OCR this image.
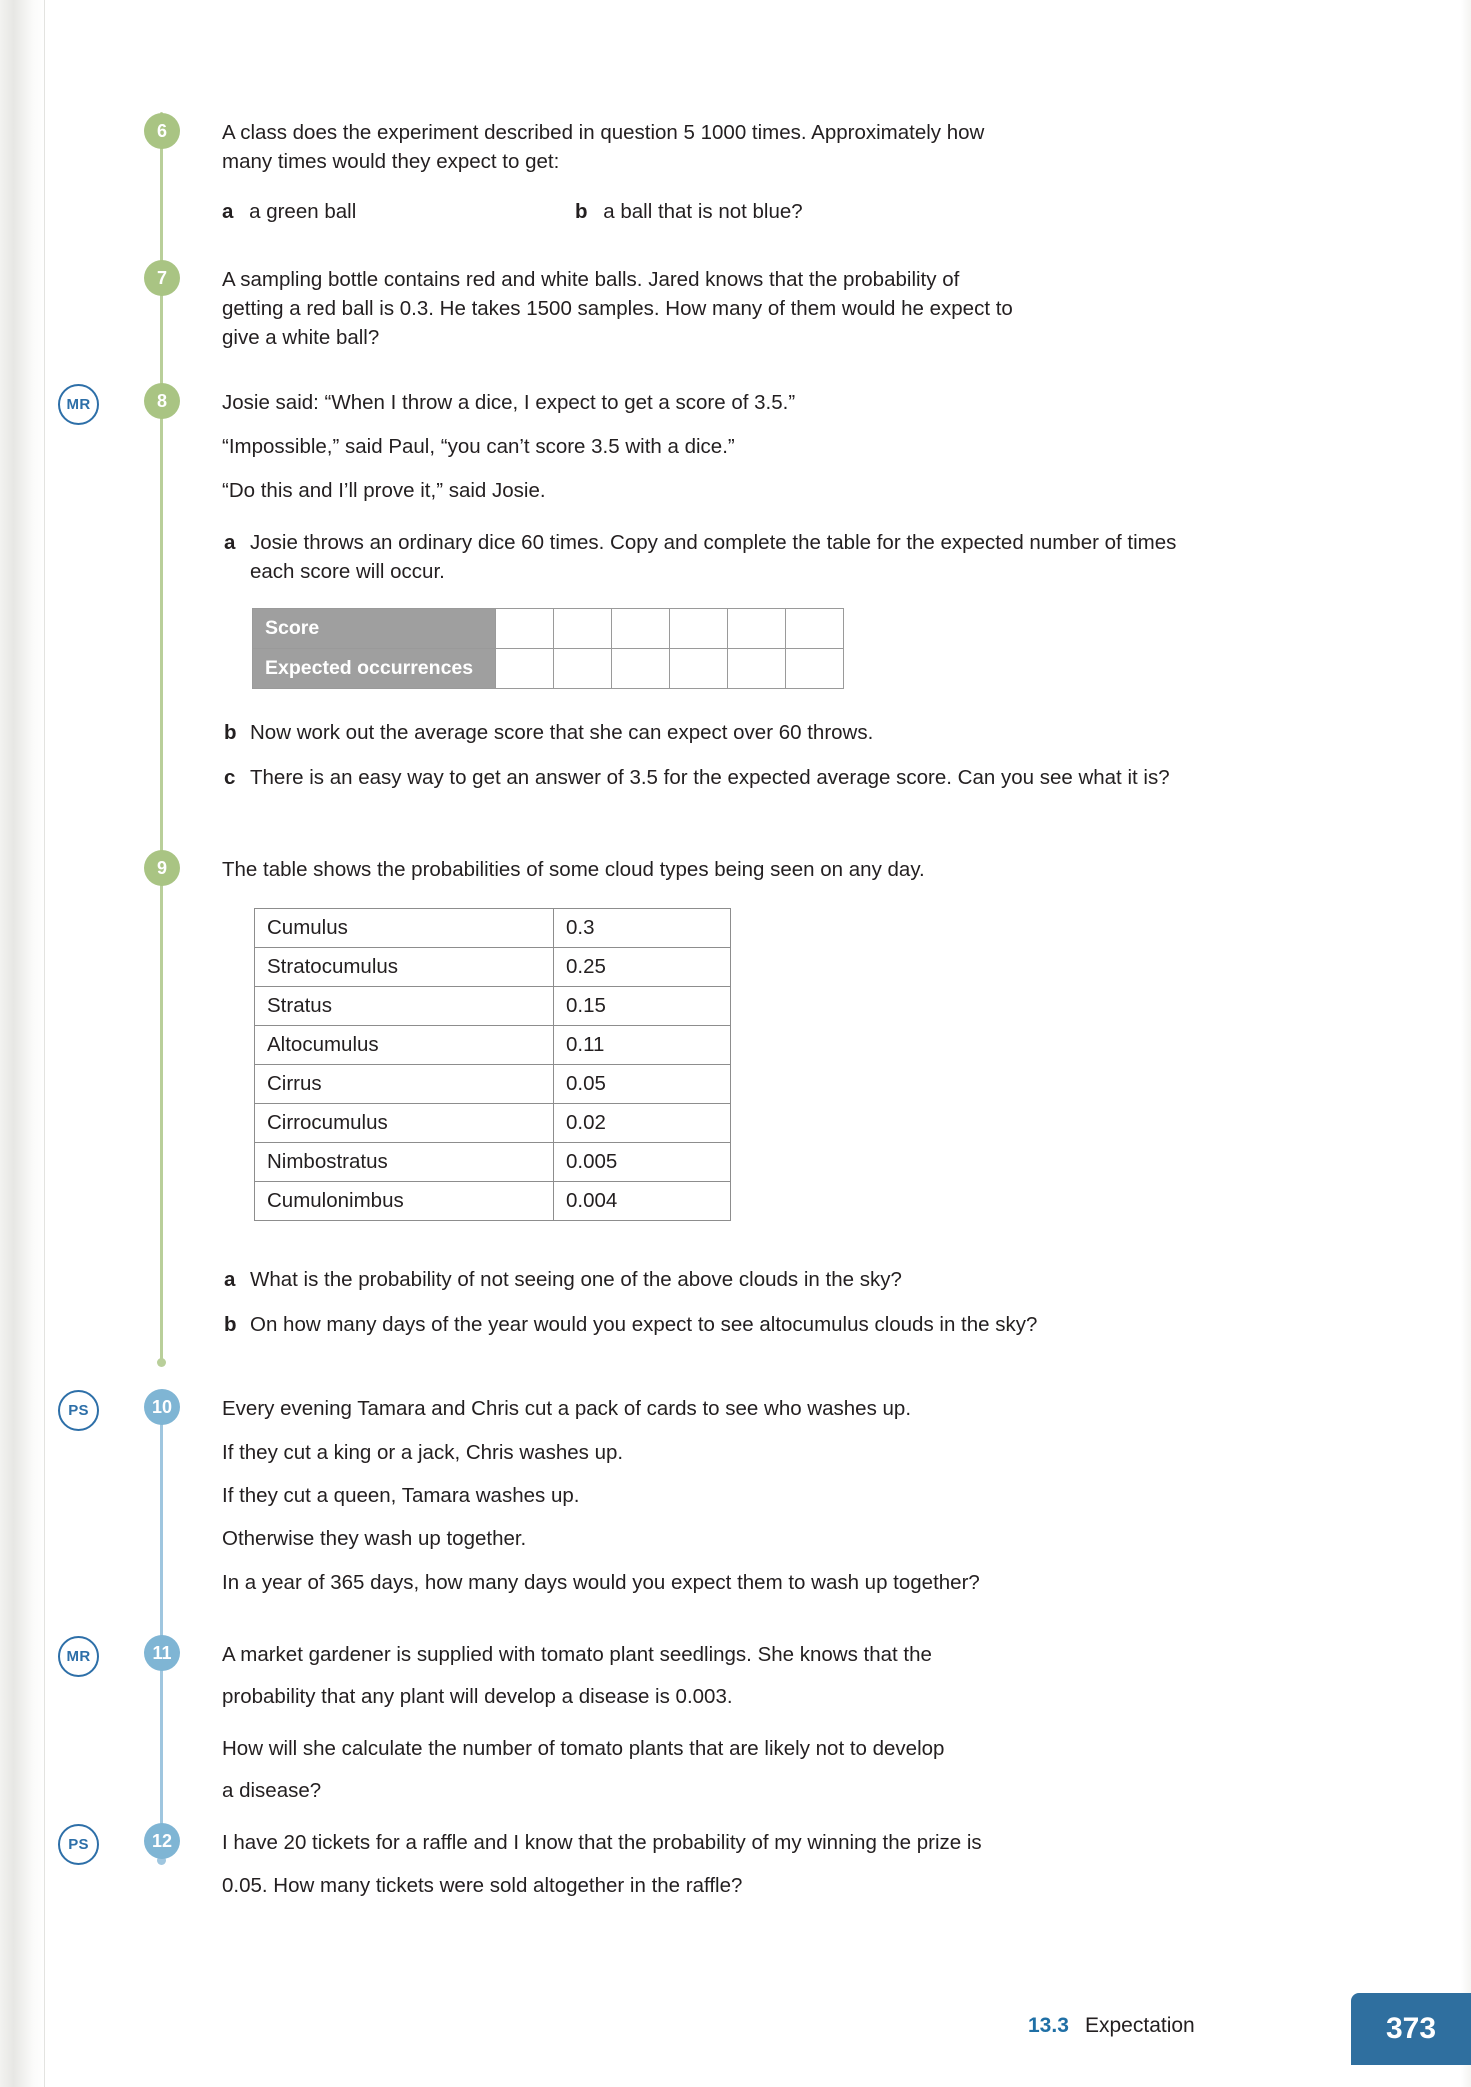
6	A class does the experiment described in question 5 1000 times. Approximately how
many times would they expect to get:
a a green ball	b a ball that is not blue?
7	A sampling bottle contains red and white balls. Jared knows that the probability of
getting a red ball is 0.3. He takes 1500 samples. How many of them would he expect to
give a white ball?
MR	8	Josie said: “When I throw a dice, I expect to get a score of 3.5.”
“Impossible,” said Paul, “you can’t score 3.5 with a dice.”
“Do this and I’ll prove it,” said Josie.
a Josie throws an ordinary dice 60 times. Copy and complete the table for the expected number of times each score will occur.
Score						
Expected occurrences						
b Now work out the average score that she can expect over 60 throws.
c There is an easy way to get an answer of 3.5 for the expected average score. Can you see what it is?
9	The table shows the probabilities of some cloud types being seen on any day.
Cumulus	0.3
Stratocumulus	0.25
Stratus	0.15
Altocumulus	0.11
Cirrus	0.05
Cirrocumulus	0.02
Nimbostratus	0.005
Cumulonimbus	0.004
a What is the probability of not seeing one of the above clouds in the sky?
b On how many days of the year would you expect to see altocumulus clouds in the sky?
PS	10	Every evening Tamara and Chris cut a pack of cards to see who washes up.
If they cut a king or a jack, Chris washes up.
If they cut a queen, Tamara washes up.
Otherwise they wash up together.
In a year of 365 days, how many days would you expect them to wash up together?
MR	11	A market gardener is supplied with tomato plant seedlings. She knows that the
probability that any plant will develop a disease is 0.003.
How will she calculate the number of tomato plants that are likely not to develop
a disease?
PS	12	I have 20 tickets for a raffle and I know that the probability of my winning the prize is
0.05. How many tickets were sold altogether in the raffle?
13.3 Expectation	373
